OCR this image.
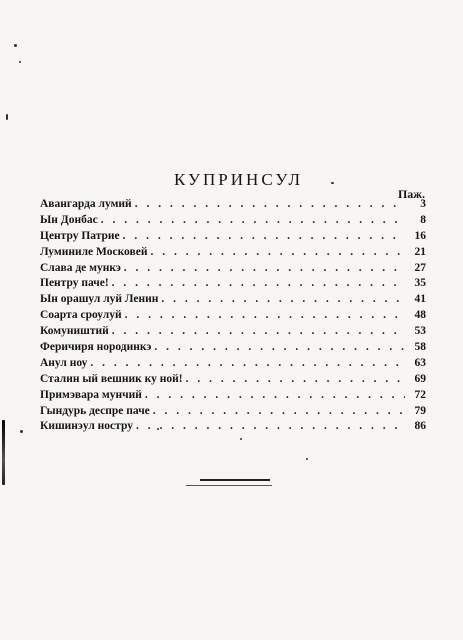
КУПРИНСУЛ
Паж.
Авангарда лумий . . .	3
Ын Донбас . . .	8
Центру Патрие . . .	16
Луминиле Московей . . .	21
Слава де мункэ . . .	27
Пентру паче! . . .	35
Ын орашул луй Ленин . . .	41
Соарта сроулуй . . .	48
Комуништий . . .	53
Феричиря нородинкэ . . .	58
Анул ноу . . .	63
Сталин ый вешник ку ной! . . .	69
Примэвара мунчий . . .	72
Гындурь деспре паче . . .	79
Кишинэул ностру . . .	86
